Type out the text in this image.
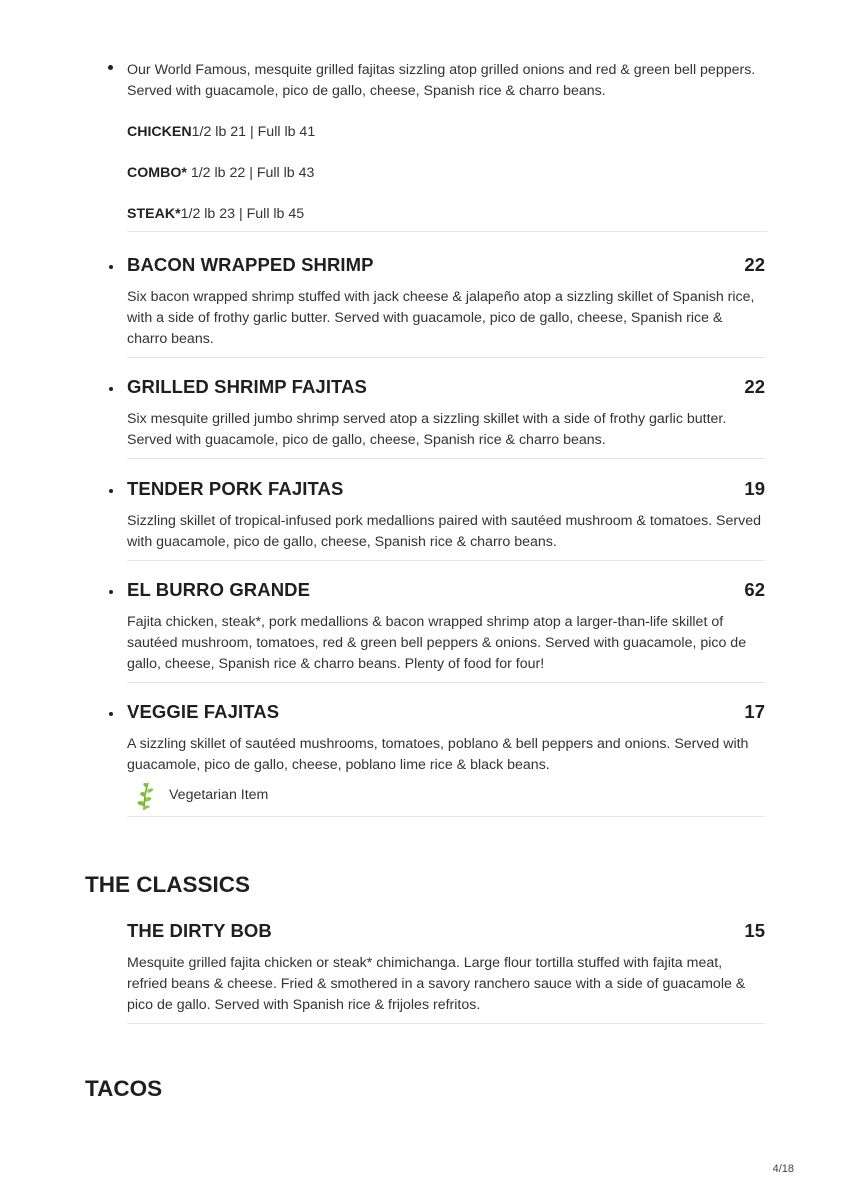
Our World Famous, mesquite grilled fajitas sizzling atop grilled onions and red & green bell peppers. Served with guacamole, pico de gallo, cheese, Spanish rice & charro beans.

CHICKEN1/2 lb 21 | Full lb 41

COMBO* 1/2 lb 22 | Full lb 43

STEAK*1/2 lb 23 | Full lb 45

BACON WRAPPED SHRIMP	22

Six bacon wrapped shrimp stuffed with jack cheese & jalapeño atop a sizzling skillet of Spanish rice, with a side of frothy garlic butter. Served with guacamole, pico de gallo, cheese, Spanish rice & charro beans.

GRILLED SHRIMP FAJITAS	22

Six mesquite grilled jumbo shrimp served atop a sizzling skillet with a side of frothy garlic butter. Served with guacamole, pico de gallo, cheese, Spanish rice & charro beans.

TENDER PORK FAJITAS	19

Sizzling skillet of tropical-infused pork medallions paired with sautéed mushroom & tomatoes. Served with guacamole, pico de gallo, cheese, Spanish rice & charro beans.

EL BURRO GRANDE	62

Fajita chicken, steak*, pork medallions & bacon wrapped shrimp atop a larger-than-life skillet of sautéed mushroom, tomatoes, red & green bell peppers & onions. Served with guacamole, pico de gallo, cheese, Spanish rice & charro beans. Plenty of food for four!

VEGGIE FAJITAS	17

A sizzling skillet of sautéed mushrooms, tomatoes, poblano & bell peppers and onions. Served with guacamole, pico de gallo, cheese, poblano lime rice & black beans.

Vegetarian Item
THE CLASSICS
THE DIRTY BOB	15

Mesquite grilled fajita chicken or steak* chimichanga. Large flour tortilla stuffed with fajita meat, refried beans & cheese. Fried & smothered in a savory ranchero sauce with a side of guacamole & pico de gallo. Served with Spanish rice & frijoles refritos.

TACOS
4/18
